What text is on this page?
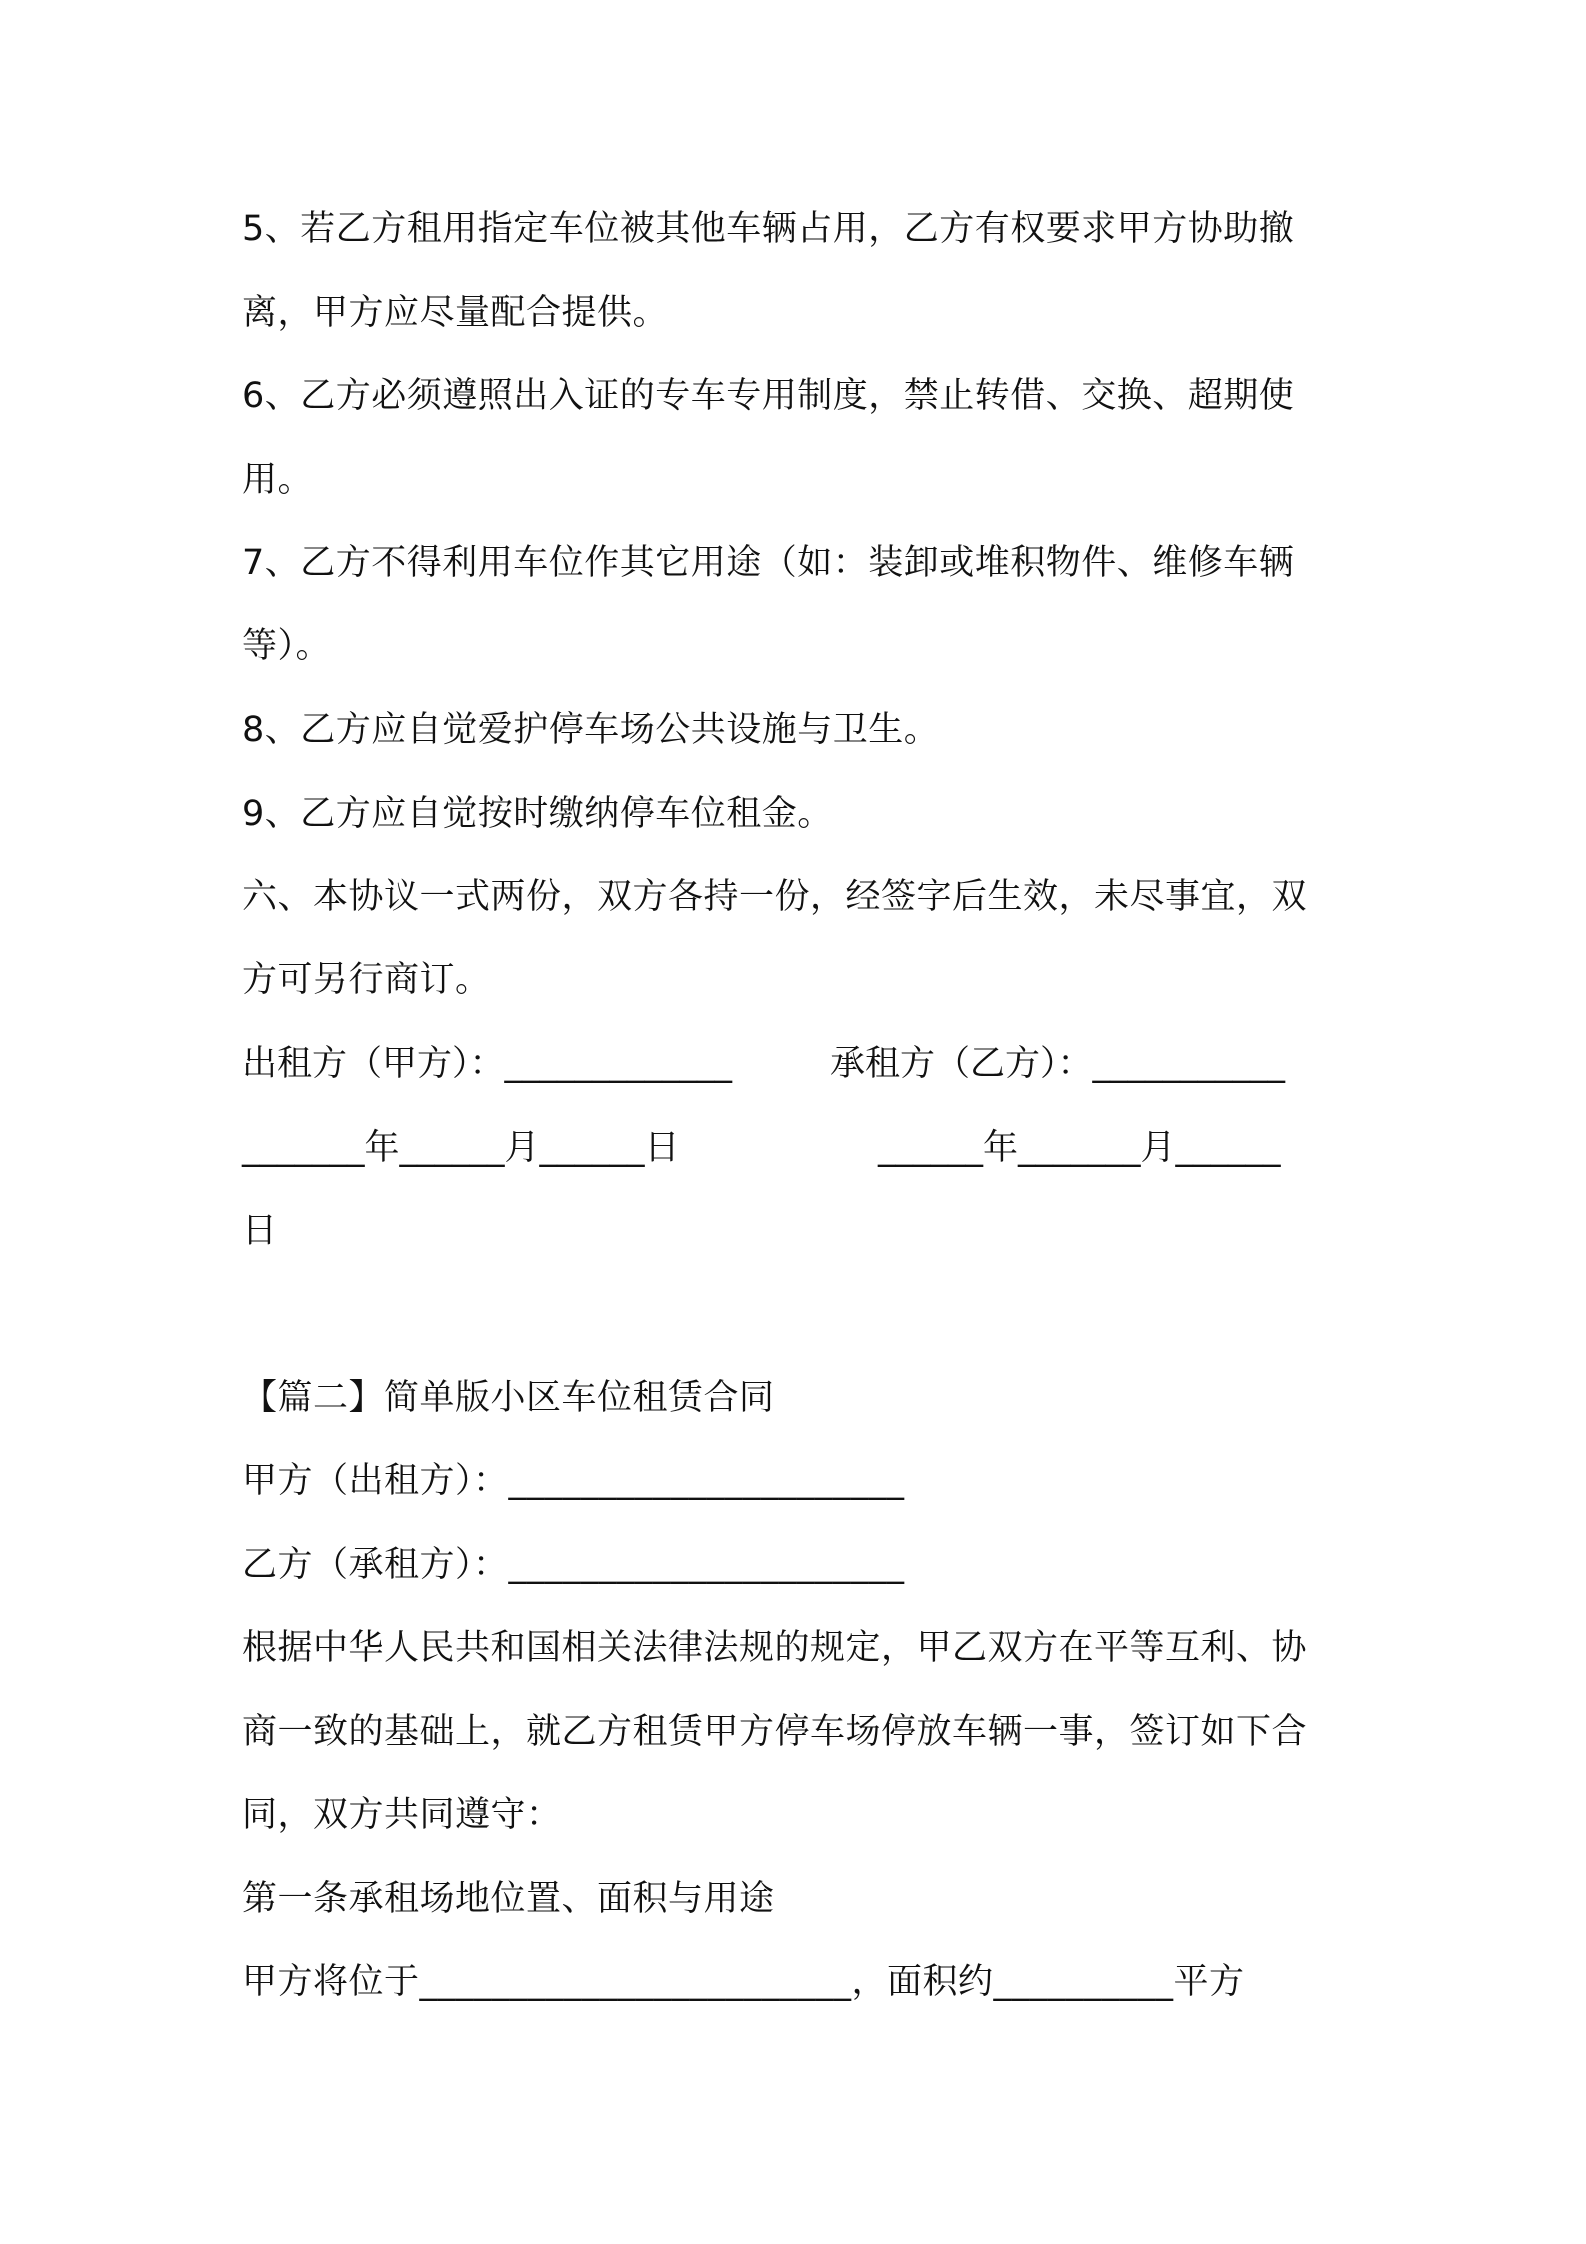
5、若乙方租用指定车位被其他车辆占用，乙方有权要求甲方协助撤
离，甲方应尽量配合提供。
6、乙方必须遵照出入证的专车专用制度，禁止转借、交换、超期使
用。
7、乙方不得利用车位作其它用途（如：装卸或堆积物件、维修车辆
等）。
8、乙方应自觉爱护停车场公共设施与卫生。
9、乙方应自觉按时缴纳停车位租金。
六、本协议一式两份，双方各持一份，经签字后生效，未尽事宜，双
方可另行商订。
出租方（甲方）：_____________	承租方（乙方）：___________
_______年______月______日	______年_______月______
日
【篇二】简单版小区车位租赁合同
甲方（出租方）：______________________
乙方（承租方）：______________________
根据中华人民共和国相关法律法规的规定，甲乙双方在平等互利、协
商一致的基础上，就乙方租赁甲方停车场停放车辆一事，签订如下合
同，双方共同遵守：
第一条承租场地位置、面积与用途
甲方将位于________________________，面积约__________平方
